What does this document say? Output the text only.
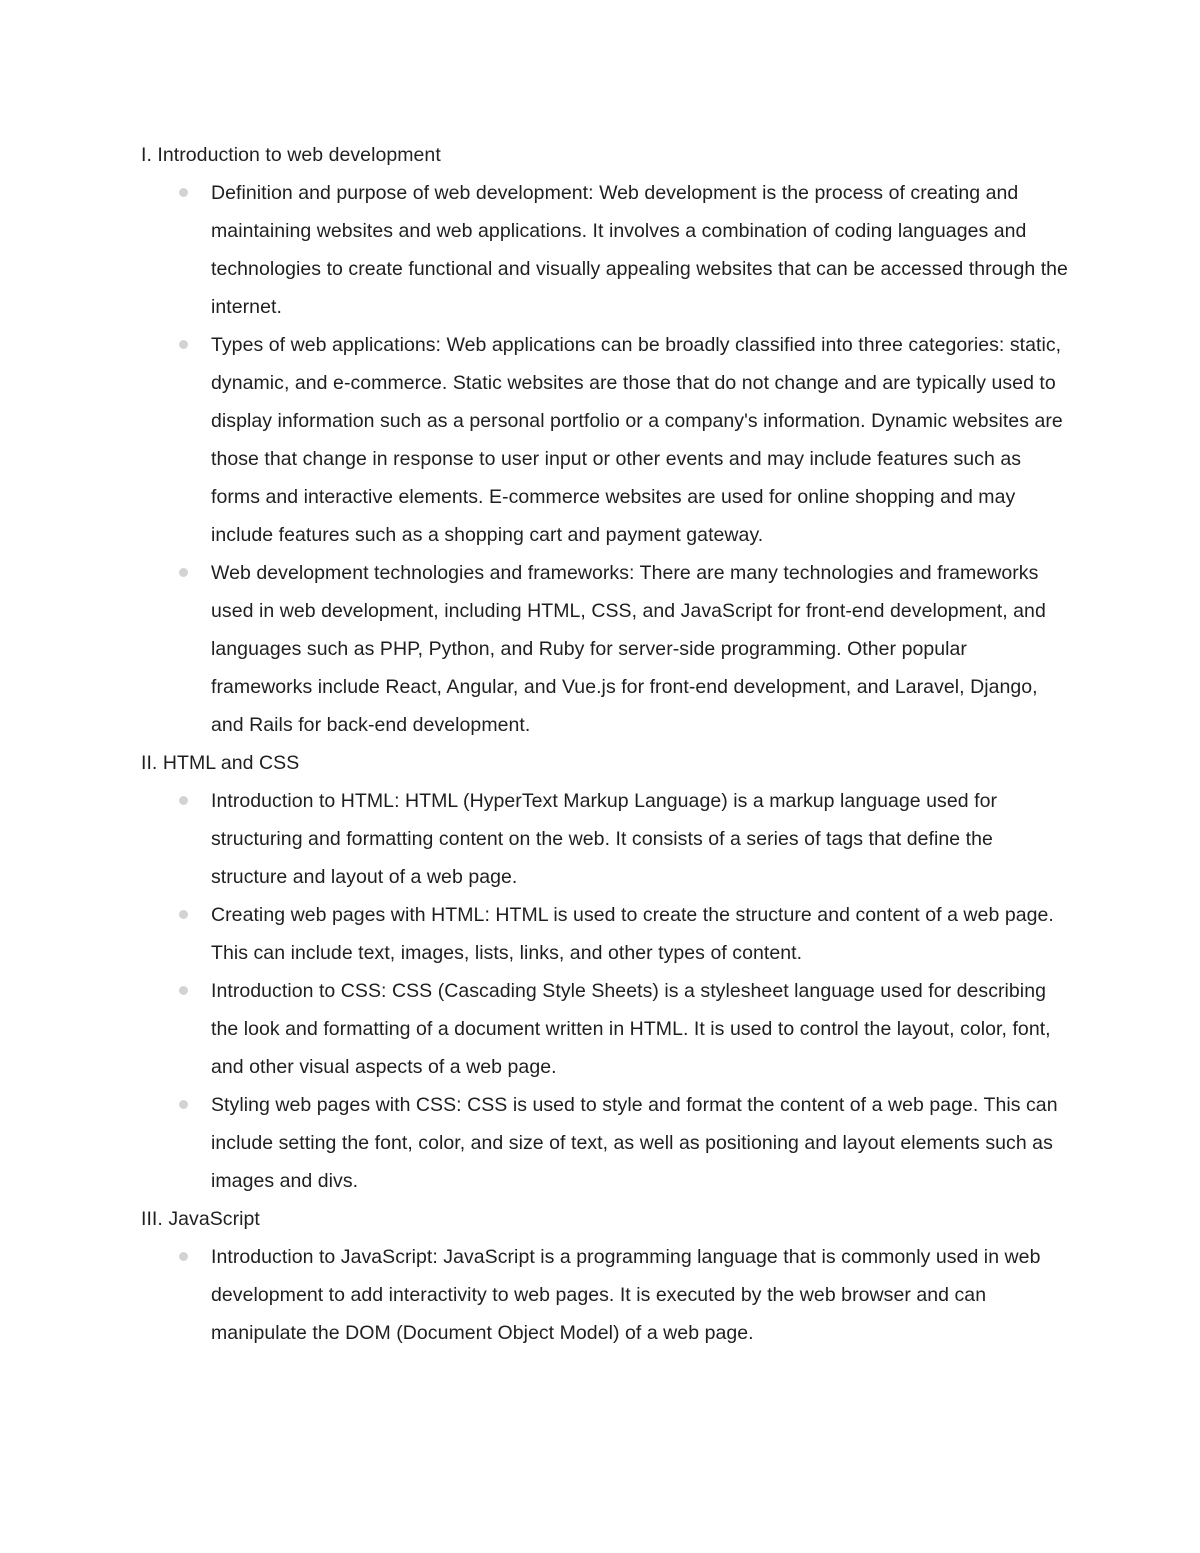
I. Introduction to web development
Definition and purpose of web development: Web development is the process of creating and maintaining websites and web applications. It involves a combination of coding languages and technologies to create functional and visually appealing websites that can be accessed through the internet.
Types of web applications: Web applications can be broadly classified into three categories: static, dynamic, and e-commerce. Static websites are those that do not change and are typically used to display information such as a personal portfolio or a company's information. Dynamic websites are those that change in response to user input or other events and may include features such as forms and interactive elements. E-commerce websites are used for online shopping and may include features such as a shopping cart and payment gateway.
Web development technologies and frameworks: There are many technologies and frameworks used in web development, including HTML, CSS, and JavaScript for front-end development, and languages such as PHP, Python, and Ruby for server-side programming. Other popular frameworks include React, Angular, and Vue.js for front-end development, and Laravel, Django, and Rails for back-end development.
II. HTML and CSS
Introduction to HTML: HTML (HyperText Markup Language) is a markup language used for structuring and formatting content on the web. It consists of a series of tags that define the structure and layout of a web page.
Creating web pages with HTML: HTML is used to create the structure and content of a web page. This can include text, images, lists, links, and other types of content.
Introduction to CSS: CSS (Cascading Style Sheets) is a stylesheet language used for describing the look and formatting of a document written in HTML. It is used to control the layout, color, font, and other visual aspects of a web page.
Styling web pages with CSS: CSS is used to style and format the content of a web page. This can include setting the font, color, and size of text, as well as positioning and layout elements such as images and divs.
III. JavaScript
Introduction to JavaScript: JavaScript is a programming language that is commonly used in web development to add interactivity to web pages. It is executed by the web browser and can manipulate the DOM (Document Object Model) of a web page.
